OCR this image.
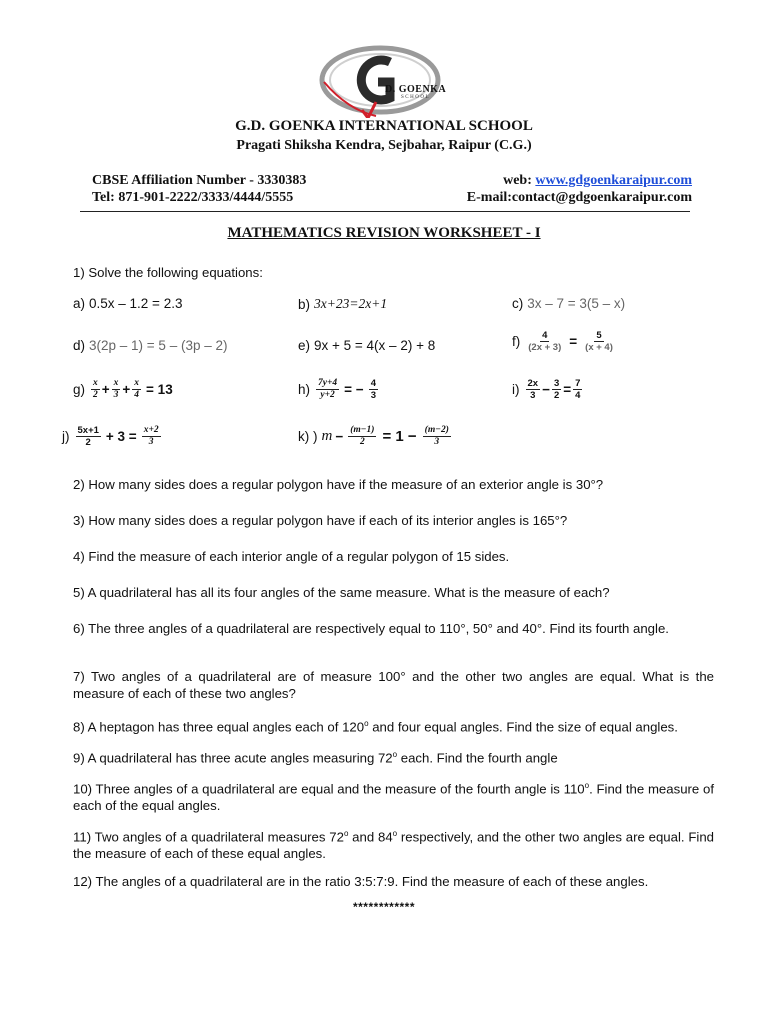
D. GOENKA
SCHOOL
G.D. GOENKA INTERNATIONAL SCHOOL
Pragati Shiksha Kendra, Sejbahar, Raipur (C.G.)
CBSE Affiliation Number - 3330383
Tel: 871-901-2222/3333/4444/5555
web: www.gdgoenkaraipur.com
E-mail:contact@gdgoenkaraipur.com
MATHEMATICS REVISION WORKSHEET - I
1) Solve the following equations:
a) 0.5x – 1.2 = 2.3	b) 3x+23=2x+1	c) 3x – 7 = 3(5 – x)
d) 3(2p – 1) = 5 – (3p – 2)	e) 9x + 5 = 4(x – 2) + 8	$f) \frac{4}{(2x + 3)} = \frac{5}{(x + 4)}$
$g) \frac{x}{2} + \frac{x}{3} + \frac{x}{4} = 13$	$h) \frac{7y+4}{y+2}$ = − $\frac{4}{3}$	$i) \frac{2x}{3} - \frac{3}{2} = \frac{7}{4}$
$j) \frac{5x+1}{2} + 3 = \frac{x+2}{3}$	k) ) $m - \frac{(m-1)}{2} = 1 - \frac{(m-2)}{3}$
2) How many sides does a regular polygon have if the measure of an exterior angle is 30°?
3) How many sides does a regular polygon have if each of its interior angles is 165°?
4) Find the measure of each interior angle of a regular polygon of 15 sides.
5) A quadrilateral has all its four angles of the same measure. What is the measure of each?
6) The three angles of a quadrilateral are respectively equal to 110°, 50° and 40°. Find its fourth angle.
7) Two angles of a quadrilateral are of measure 100° and the other two angles are equal. What is the measure of each of these two angles?
8) A heptagon has three equal angles each of 120$^o$ and four equal angles. Find the size of equal angles.
9) A quadrilateral has three acute angles measuring 72$^o$ each. Find the fourth angle
10) Three angles of a quadrilateral are equal and the measure of the fourth angle is 110$^o$. Find the measure of each of the equal angles.
11) Two angles of a quadrilateral measures 72$^o$ and 84$^o$ respectively, and the other two angles are equal. Find the measure of each of these equal angles.
12) The angles of a quadrilateral are in the ratio 3:5:7:9. Find the measure of each of these angles.
************
